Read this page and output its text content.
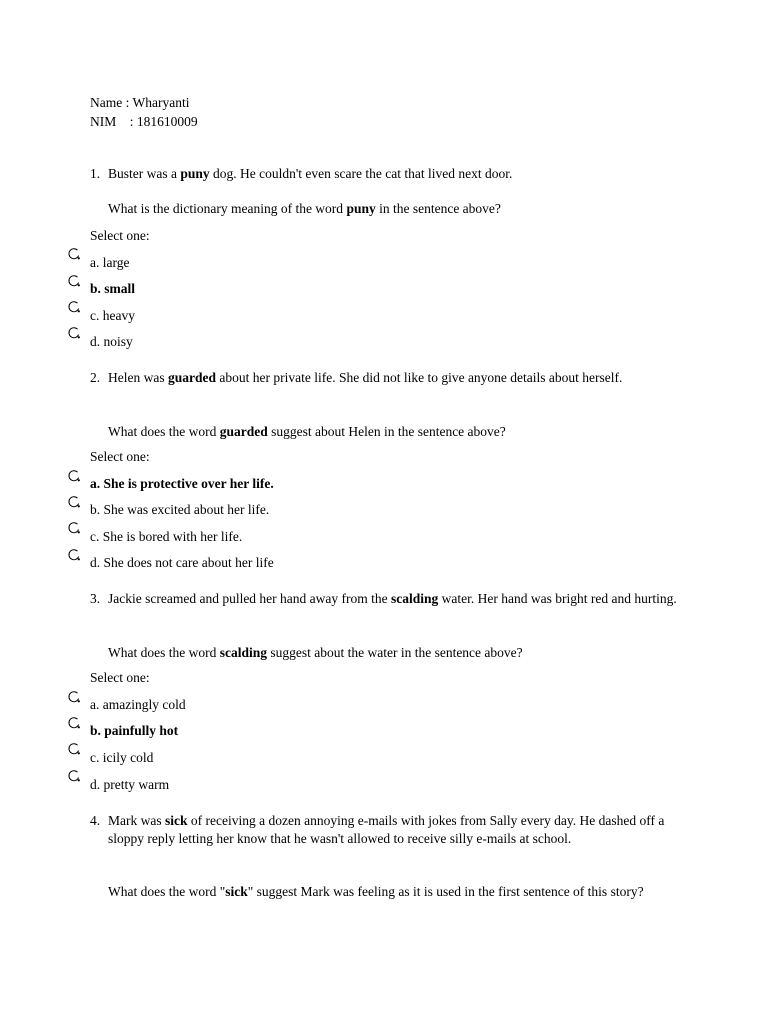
Name : Wharyanti
NIM    : 181610009
1. Buster was a puny dog. He couldn't even scare the cat that lived next door.
What is the dictionary meaning of the word puny in the sentence above?
Select one:
a. large
b. small
c. heavy
d. noisy
2. Helen was guarded about her private life. She did not like to give anyone details about herself.
What does the word guarded suggest about Helen in the sentence above?
Select one:
a. She is protective over her life.
b. She was excited about her life.
c. She is bored with her life.
d. She does not care about her life
3. Jackie screamed and pulled her hand away from the scalding water. Her hand was bright red and hurting.
What does the word scalding suggest about the water in the sentence above?
Select one:
a. amazingly cold
b. painfully hot
c. icily cold
d. pretty warm
4. Mark was sick of receiving a dozen annoying e-mails with jokes from Sally every day. He dashed off a sloppy reply letting her know that he wasn't allowed to receive silly e-mails at school.
What does the word "sick" suggest Mark was feeling as it is used in the first sentence of this story?
